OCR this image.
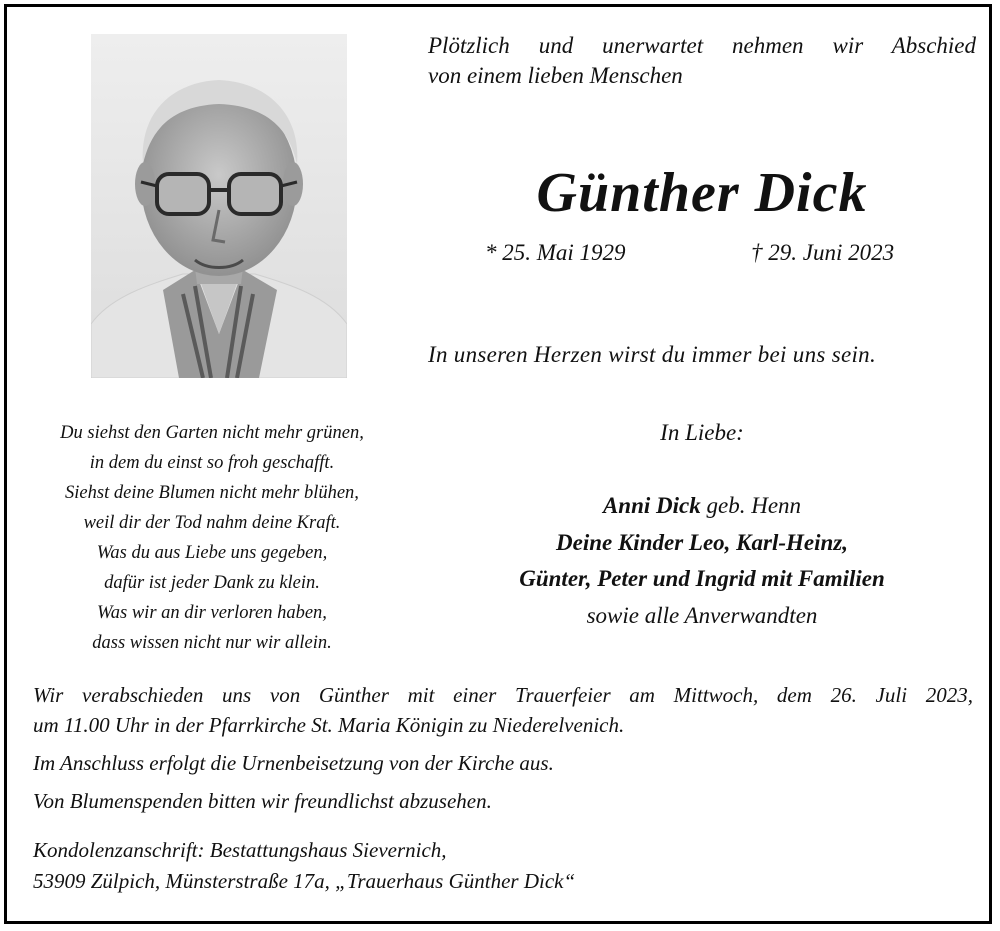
Plötzlich und unerwartet nehmen wir Abschied
von einem lieben Menschen
Günther Dick
* 25. Mai 1929	† 29. Juni 2023
In unseren Herzen wirst du immer bei uns sein.
Du siehst den Garten nicht mehr grünen,
in dem du einst so froh geschafft.
Siehst deine Blumen nicht mehr blühen,
weil dir der Tod nahm deine Kraft.
Was du aus Liebe uns gegeben,
dafür ist jeder Dank zu klein.
Was wir an dir verloren haben,
dass wissen nicht nur wir allein.
In Liebe:
Anni Dick geb. Henn
Deine Kinder Leo, Karl-Heinz,
Günter, Peter und Ingrid mit Familien
sowie alle Anverwandten
Wir verabschieden uns von Günther mit einer Trauerfeier am Mittwoch, dem 26. Juli 2023,
um 11.00 Uhr in der Pfarrkirche St. Maria Königin zu Niederelvenich.
Im Anschluss erfolgt die Urnenbeisetzung von der Kirche aus.
Von Blumenspenden bitten wir freundlichst abzusehen.
Kondolenzanschrift: Bestattungshaus Sievernich,
53909 Zülpich, Münsterstraße 17a, „Trauerhaus Günther Dick“
